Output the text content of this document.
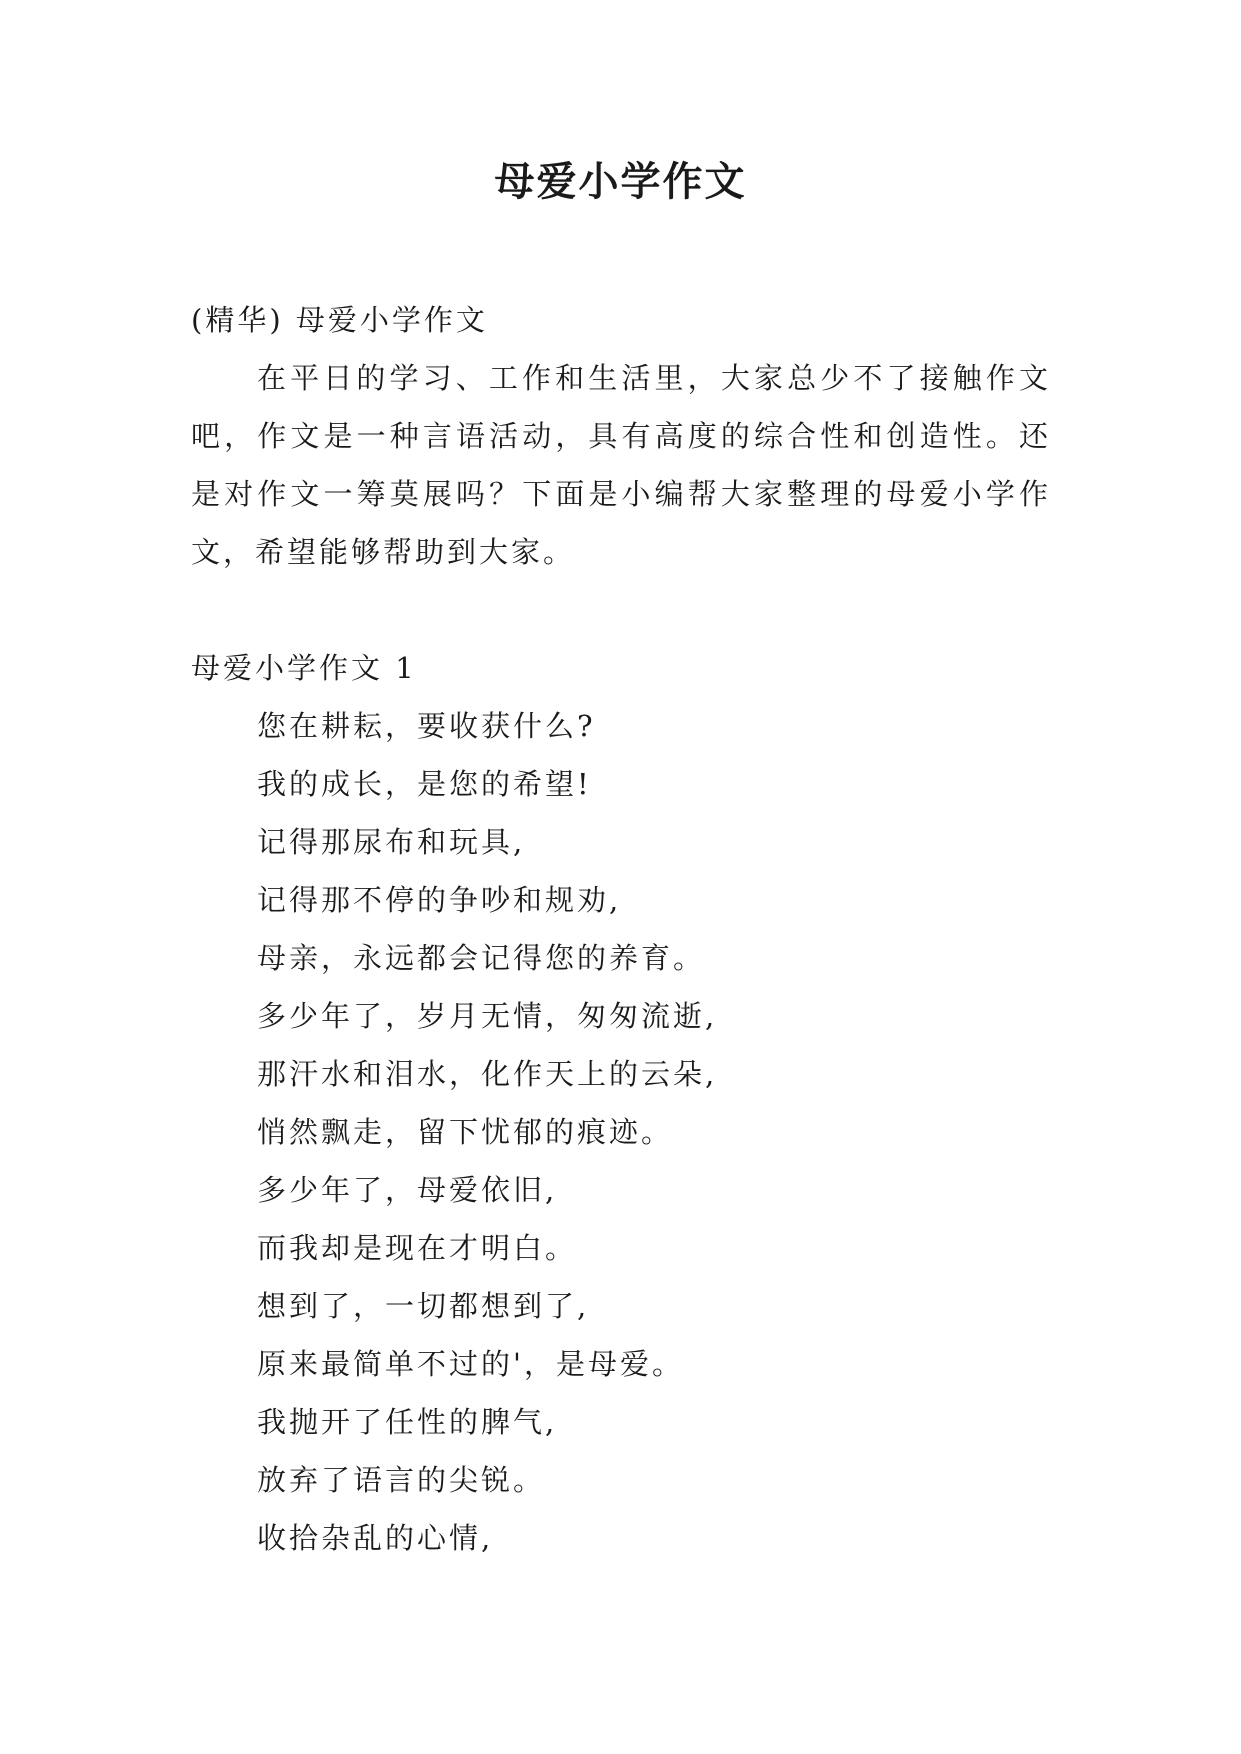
母爱小学作文

(精华) 母爱小学作文

在平日的学习、工作和生活里，大家总少不了接触作文吧，作文是一种言语活动，具有高度的综合性和创造性。还是对作文一筹莫展吗？下面是小编帮大家整理的母爱小学作文，希望能够帮助到大家。

母爱小学作文 1

您在耕耘，要收获什么?

我的成长，是您的希望!

记得那尿布和玩具,

记得那不停的争吵和规劝,

母亲，永远都会记得您的养育。

多少年了，岁月无情，匆匆流逝,

那汗水和泪水，化作天上的云朵,

悄然飘走，留下忧郁的痕迹。

多少年了，母爱依旧,

而我却是现在才明白。

想到了，一切都想到了,

原来最简单不过的'，是母爱。

我抛开了任性的脾气,

放弃了语言的尖锐。

收拾杂乱的心情,
